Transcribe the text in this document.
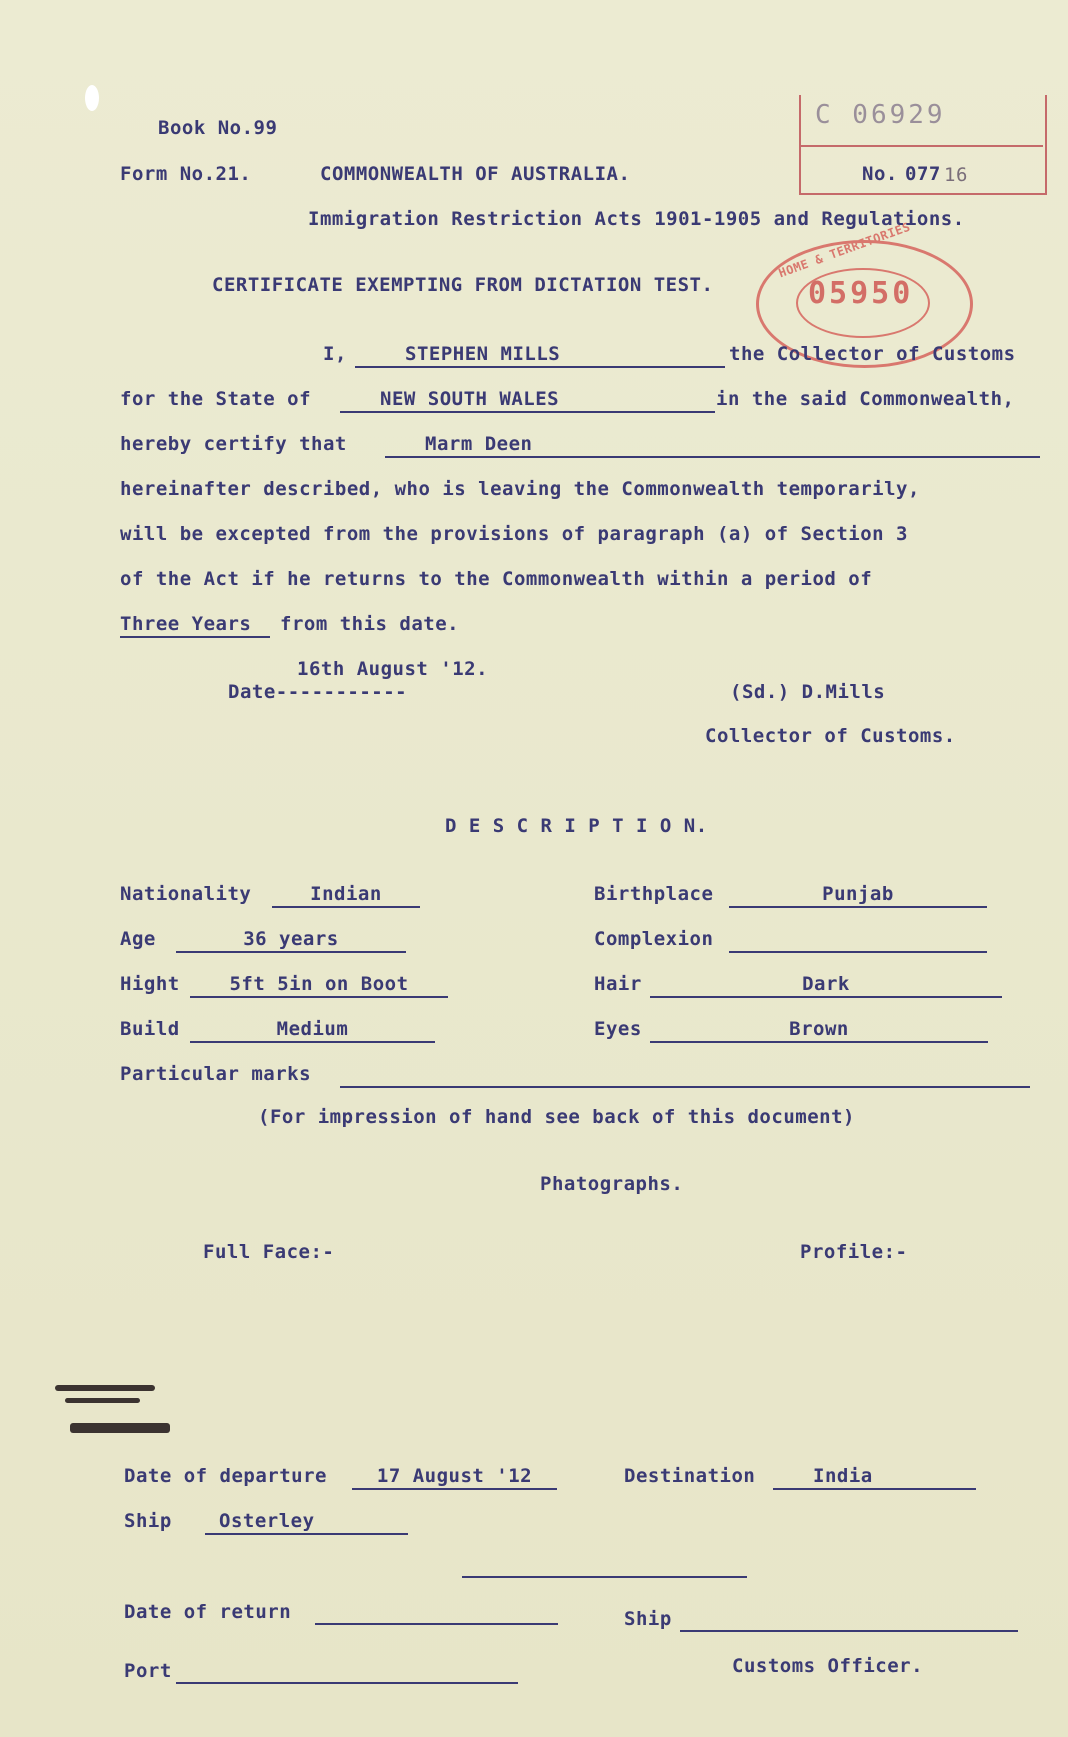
C 06929
No. 077 16
05950
HOME & TERRITORIES
Book No.99
Form No.21.	COMMONWEALTH OF AUSTRALIA.
Immigration Restriction Acts 1901-1905 and Regulations.
CERTIFICATE EXEMPTING FROM DICTATION TEST.
I,	STEPHEN MILLS	the Collector of Customs
for the State of	NEW SOUTH WALES	in the said Commonwealth,
hereby certify that	Marm Deen
hereinafter described, who is leaving the Commonwealth temporarily,
will be excepted from the provisions of paragraph (a) of Section 3
of the Act if he returns to the Commonwealth within a period of
Three Years	from this date.
16th August '12.
Date-----------	(Sd.) D.Mills
Collector of Customs.
D E S C R I P T I O N.
Nationality	Indian	Birthplace	Punjab
Age	36 years	Complexion
Hight	5ft 5in on Boot	Hair	Dark
Build	Medium	Eyes	Brown
Particular marks
(For impression of hand see back of this document)
Phatographs.
Full Face:-	Profile:-
Date of departure	17 August '12	Destination	India
Ship	Osterley
Date of return	Ship
Port	Customs Officer.
